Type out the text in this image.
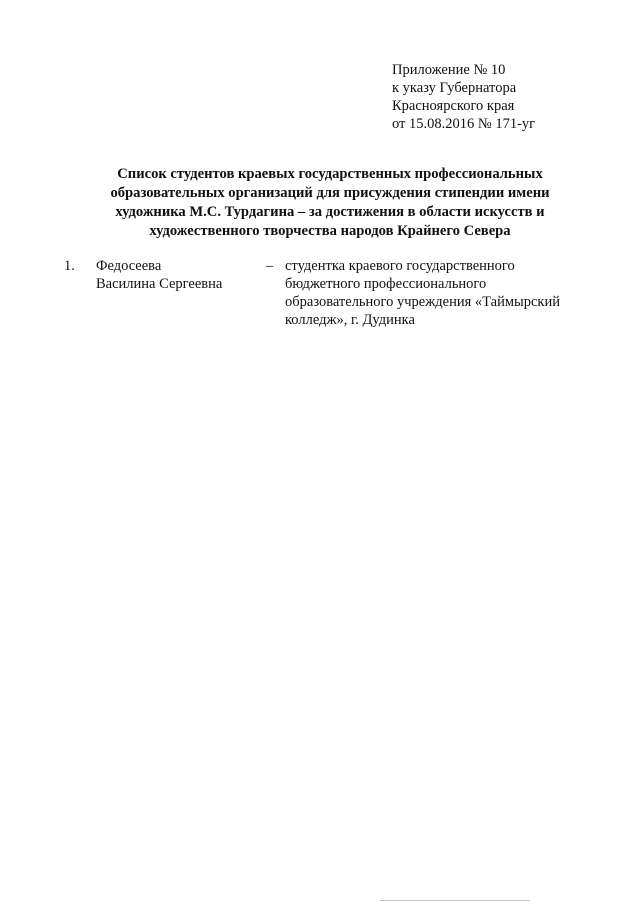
Приложение № 10
к указу Губернатора
Красноярского края
от 15.08.2016 № 171-уг
Список студентов краевых государственных профессиональных
образовательных организаций для присуждения стипендии имени
художника М.С. Турдагина – за достижения в области искусств и
художественного творчества народов Крайнего Севера
1. Федосеева
Василина Сергеевна
– студентка краевого государственного
бюджетного профессионального
образовательного учреждения «Таймырский
колледж», г. Дудинка
